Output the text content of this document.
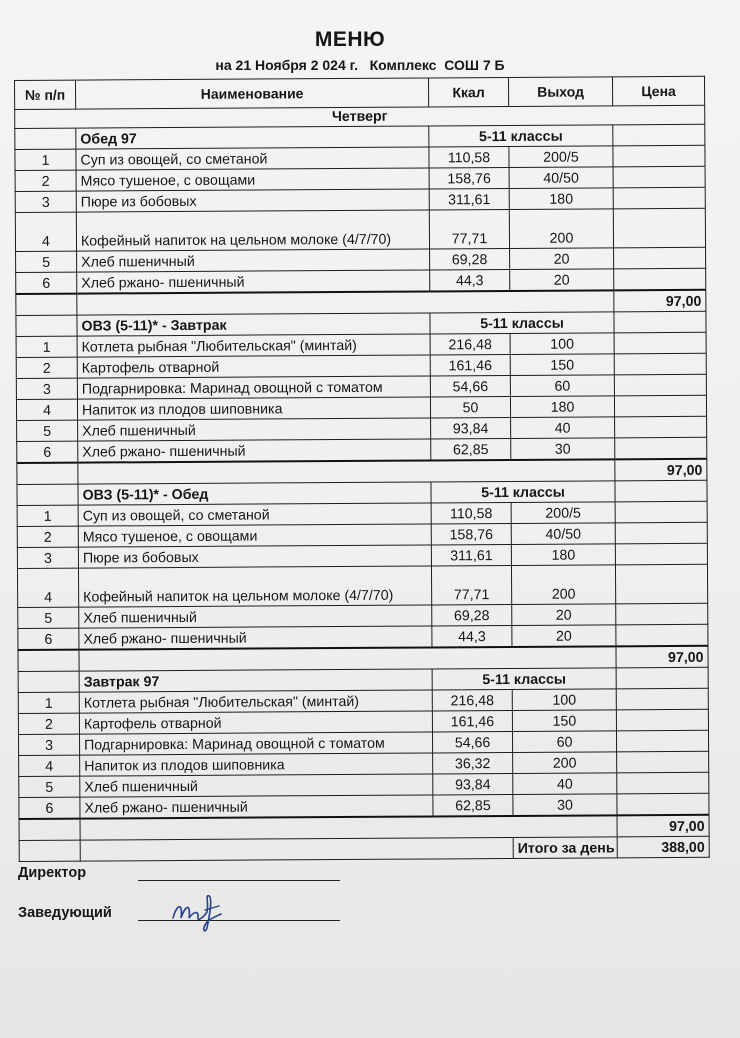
МЕНЮ
на 21 Ноября 2 024 г.   Комплекс  СОШ 7 Б
№ п/п	Наименование	Ккал	Выход	Цена
Четверг				
	Обед 97	5-11 классы		
1	Суп из овощей, со сметаной	110,58	200/5	
2	Мясо тушеное, с овощами	158,76	40/50	
3	Пюре из бобовых	311,61	180	
4	Кофейный напиток на цельном молоке (4/7/70)	77,71	200	
5	Хлеб пшеничный	69,28	20	
6	Хлеб ржано- пшеничный	44,3	20	
				97,00
	ОВЗ (5-11)* - Завтрак	5-11 классы		
1	Котлета рыбная "Любительская" (минтай)	216,48	100	
2	Картофель отварной	161,46	150	
3	Подгарнировка: Маринад овощной с томатом	54,66	60	
4	Напиток из плодов шиповника	50	180	
5	Хлеб пшеничный	93,84	40	
6	Хлеб ржано- пшеничный	62,85	30	
				97,00
	ОВЗ (5-11)* - Обед	5-11 классы		
1	Суп из овощей, со сметаной	110,58	200/5	
2	Мясо тушеное, с овощами	158,76	40/50	
3	Пюре из бобовых	311,61	180	
4	Кофейный напиток на цельном молоке (4/7/70)	77,71	200	
5	Хлеб пшеничный	69,28	20	
6	Хлеб ржано- пшеничный	44,3	20	
				97,00
	Завтрак 97	5-11 классы		
1	Котлета рыбная "Любительская" (минтай)	216,48	100	
2	Картофель отварной	161,46	150	
3	Подгарнировка: Маринад овощной с томатом	54,66	60	
4	Напиток из плодов шиповника	36,32	200	
5	Хлеб пшеничный	93,84	40	
6	Хлеб ржано- пшеничный	62,85	30	
				97,00
			Итого за день	388,00
Директор
Заведующий
